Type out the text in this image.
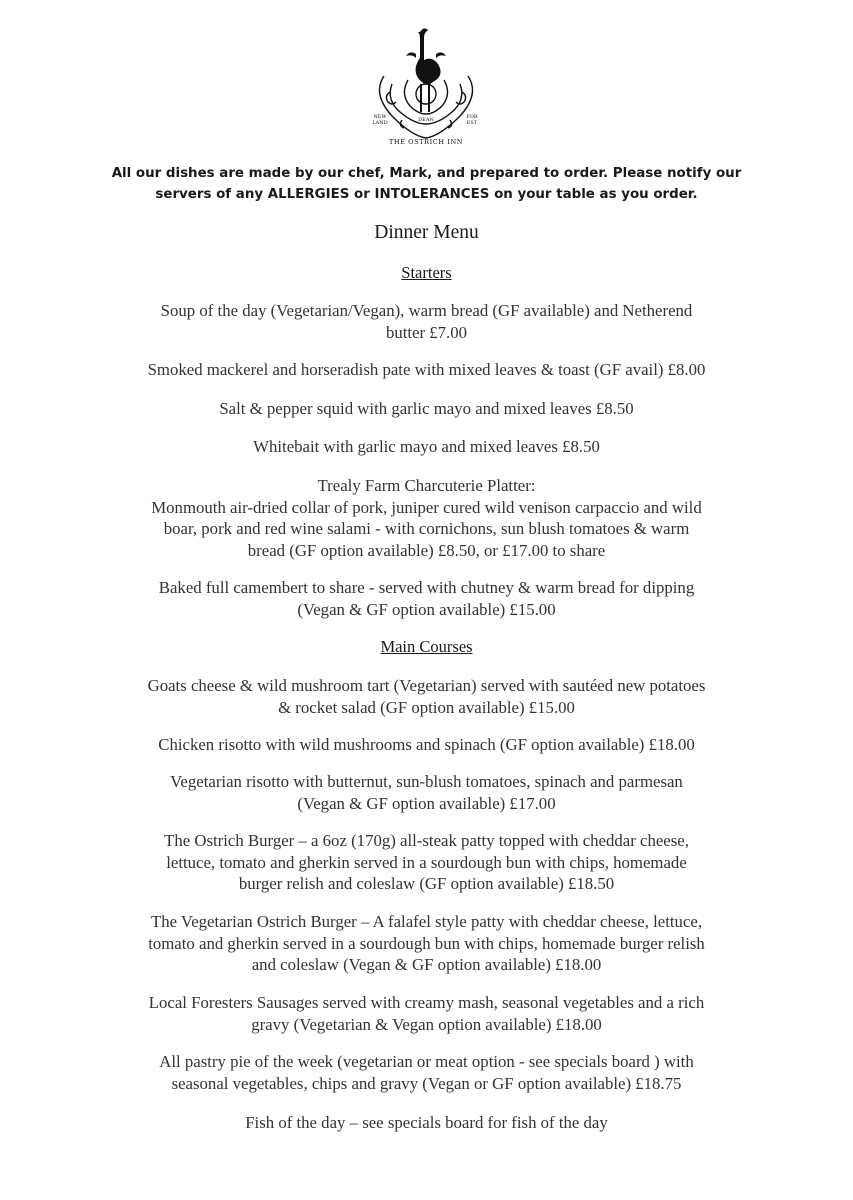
NEW
LAND
FOR
EST
DEAN
THE OSTRICH INN
All our dishes are made by our chef, Mark, and prepared to order. Please notify our
servers of any ALLERGIES or INTOLERANCES on your table as you order.
Dinner Menu
Starters
Soup of the day (Vegetarian/Vegan), warm bread (GF available) and Netherend
butter £7.00
Smoked mackerel and horseradish pate with mixed leaves & toast (GF avail) £8.00
Salt & pepper squid with garlic mayo and mixed leaves £8.50
Whitebait with garlic mayo and mixed leaves £8.50
Trealy Farm Charcuterie Platter:
Monmouth air-dried collar of pork, juniper cured wild venison carpaccio and wild
boar, pork and red wine salami - with cornichons, sun blush tomatoes & warm
bread (GF option available) £8.50, or £17.00 to share
Baked full camembert to share - served with chutney & warm bread for dipping
(Vegan & GF option available) £15.00
Main Courses
Goats cheese & wild mushroom tart (Vegetarian) served with sautéed new potatoes
& rocket salad (GF option available) £15.00
Chicken risotto with wild mushrooms and spinach (GF option available) £18.00
Vegetarian risotto with butternut, sun-blush tomatoes, spinach and parmesan
(Vegan & GF option available) £17.00
The Ostrich Burger – a 6oz (170g) all-steak patty topped with cheddar cheese,
lettuce, tomato and gherkin served in a sourdough bun with chips, homemade
burger relish and coleslaw (GF option available) £18.50
The Vegetarian Ostrich Burger – A falafel style patty with cheddar cheese, lettuce,
tomato and gherkin served in a sourdough bun with chips, homemade burger relish
and coleslaw (Vegan & GF option available) £18.00
Local Foresters Sausages served with creamy mash, seasonal vegetables and a rich
gravy (Vegetarian & Vegan option available) £18.00
All pastry pie of the week (vegetarian or meat option - see specials board ) with
seasonal vegetables, chips and gravy (Vegan or GF option available) £18.75
Fish of the day – see specials board for fish of the day
